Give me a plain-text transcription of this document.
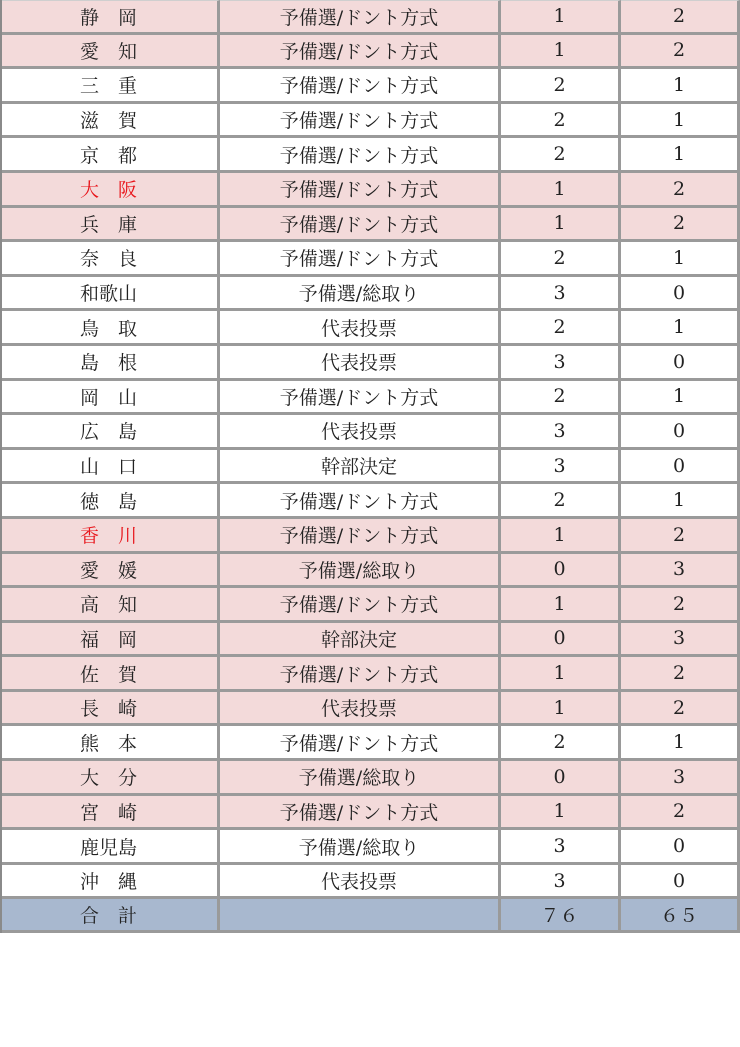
静　岡	予備選/ドント方式	1	2
愛　知	予備選/ドント方式	1	2
三　重	予備選/ドント方式	2	1
滋　賀	予備選/ドント方式	2	1
京　都	予備選/ドント方式	2	1
大　阪	予備選/ドント方式	1	2
兵　庫	予備選/ドント方式	1	2
奈　良	予備選/ドント方式	2	1
和歌山	予備選/総取り	3	0
鳥　取	代表投票	2	1
島　根	代表投票	3	0
岡　山	予備選/ドント方式	2	1
広　島	代表投票	3	0
山　口	幹部決定	3	0
徳　島	予備選/ドント方式	2	1
香　川	予備選/ドント方式	1	2
愛　媛	予備選/総取り	0	3
高　知	予備選/ドント方式	1	2
福　岡	幹部決定	0	3
佐　賀	予備選/ドント方式	1	2
長　崎	代表投票	1	2
熊　本	予備選/ドント方式	2	1
大　分	予備選/総取り	0	3
宮　崎	予備選/ドント方式	1	2
鹿児島	予備選/総取り	3	0
沖　縄	代表投票	3	0
合　計		７６	６５
